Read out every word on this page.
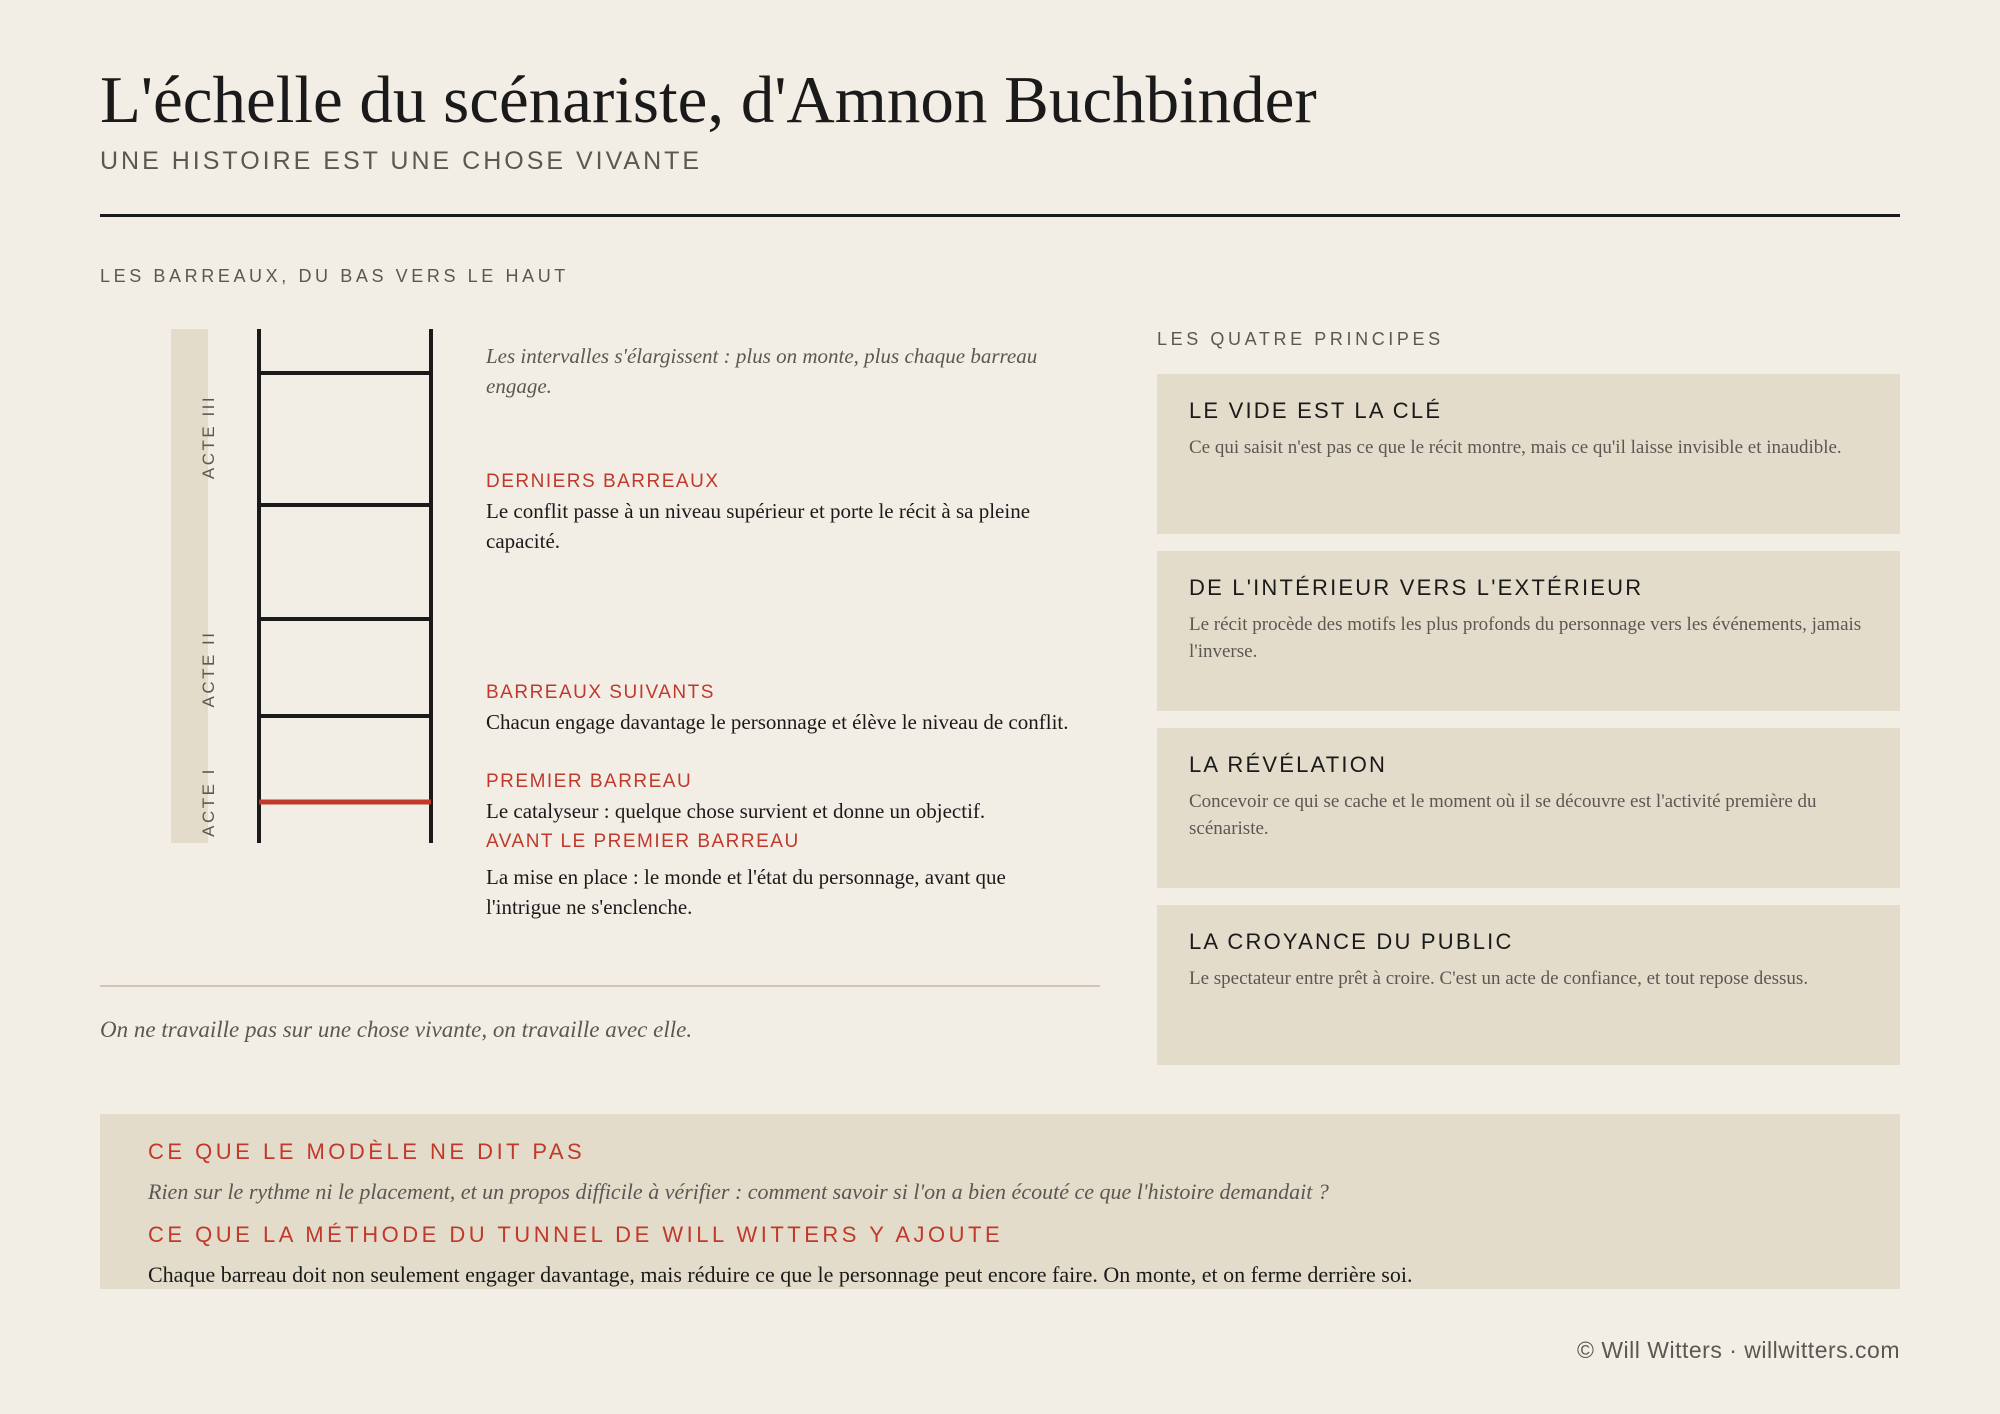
L'échelle du scénariste, d'Amnon Buchbinder
UNE HISTOIRE EST UNE CHOSE VIVANTE
LES BARREAUX, DU BAS VERS LE HAUT
ACTE III
ACTE II
ACTE I
Les intervalles s'élargissent : plus on monte, plus chaque barreau engage.
DERNIERS BARREAUX
Le conflit passe à un niveau supérieur et porte le récit à sa pleine capacité.
BARREAUX SUIVANTS
Chacun engage davantage le personnage et élève le niveau de conflit.
PREMIER BARREAU
Le catalyseur : quelque chose survient et donne un objectif.
AVANT LE PREMIER BARREAU
La mise en place : le monde et l'état du personnage, avant que l'intrigue ne s'enclenche.
On ne travaille pas sur une chose vivante, on travaille avec elle.
LES QUATRE PRINCIPES
LE VIDE EST LA CLÉ
Ce qui saisit n'est pas ce que le récit montre, mais ce qu'il laisse invisible et inaudible.
DE L'INTÉRIEUR VERS L'EXTÉRIEUR
Le récit procède des motifs les plus profonds du personnage vers les événements, jamais l'inverse.
LA RÉVÉLATION
Concevoir ce qui se cache et le moment où il se découvre est l'activité première du scénariste.
LA CROYANCE DU PUBLIC
Le spectateur entre prêt à croire. C'est un acte de confiance, et tout repose dessus.
CE QUE LE MODÈLE NE DIT PAS
Rien sur le rythme ni le placement, et un propos difficile à vérifier : comment savoir si l'on a bien écouté ce que l'histoire demandait ?
CE QUE LA MÉTHODE DU TUNNEL DE WILL WITTERS Y AJOUTE
Chaque barreau doit non seulement engager davantage, mais réduire ce que le personnage peut encore faire. On monte, et on ferme derrière soi.
© Will Witters · willwitters.com
